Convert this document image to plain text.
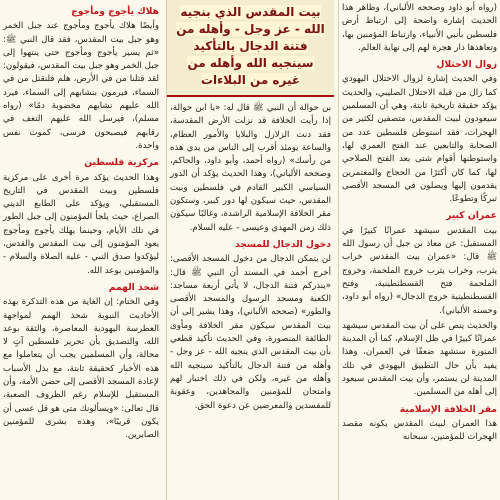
(رواه أبو داود وصححه الألباني)، وظاهر هذا الحديث إشارة واضحة إلى ارتباط أرض فلسطين بأنبي الأنبياء، وارتباط المؤمنين بها، وتعاهدها دار هجرة لهم إلى نهاية العالم.

زوال الاحتلال

وفي الحديث إشارة لزوال الاحتلال اليهودي كما زال من قبله الاحتلال الصليبي، والحديث يؤكد حقيقة تاريخية ثابتة، وهي أن المسلمين سيعودون لبيت المقدس، متصفين لكثير من الهجرات، فقد استوطن فلسطين عدد من الصحابة والتابعين عند الفتح العمري لها، واستوطنها أقوام شتى بعد الفتح الصلاحي لها، كما كان أكثرًا من الحجاج والمعتمرين يقدمون إليها ويصلون في المسجد الأقصى تبركًا وتطوعًا.

عمران كبير

بيت المقدس سيشهد عمرانًا كبيرًا في المستقبل: عن معاذ بن جبل أن رسول الله ﷺ قال: «عمران بيت المقدس خراب يثرب، وخراب يثرب خروج الملحمة، وخروج الملحمة فتح القسطنطينية، وفتح القسطنطينية خروج الدجال» (رواه أبو داود، وحسنه الألباني).

والحديث ينص على أن بيت المقدس سيشهد عمرانًا كبيرًا في ظل الإسلام، كما أن المدينة المنورة ستشهد ضعفًا في العمران، وهذا يفيد بأن حال التطبيق اليهودي في تلك المدينة لن يستمر، وأن بيت المقدس سيعود إلى أهله من المسلمين.

مقر الخلافة الإسلامية

هذا العمران لبيت المقدس يكونه مقصد الهجرات للمؤمنين، سبحانه

بيت المقدس الذي بنجيه الله - عز وجل - وأهله من فتنة الدجال بالتأكيد سينجيه الله وأهله من غيره من البلاءات

بن حوالة أن النبي ﷺ قال له: «يا ابن حوالة، إذا رأيت الخلافة قد نزلت الأرض المقدسة، فقد دنت الزلازل والبلايا والأمور العظام، والساعة يومئذ أقرب إلى الناس من يدي هذه من رأسك» (رواه أحمد، وأبو داود، والحاكم، وصححه الألباني)، وهذا الحديث يؤكد أن الدور السياسي الكبير القادم في فلسطين وبيت المقدس، حيث سيكون لها دور كبير، وستكون مقر الخلافة الإسلامية الراشدة، وغالبًا سيكون ذلك زمن المهدي وعيسى - عليه السلام.

دخول الدجال للمسجد

لن يتمكن الدجال من دخول المسجد الأقصى: أخرج أحمد في المسند أن النبي ﷺ قال: «ينذركم فتنة الدجال، لا يأتي أربعة مساجد: الكعبة ومسجد الرسول والمسجد الأقصى والطور» (صححه الألباني)، وهذا يشير إلى أن بيت المقدس سيكون مقر الخلافة ومأوى الطائفة المنصورة، وفي الحديث تأكيد قطعي بأن بيت المقدس الذي ينجيه الله - عز وجل - وأهله من فتنة الدجال بالتأكيد سينجيه الله وأهله من غيره، ولكن في ذلك اختبار لهم وامتحان للمؤمنين والمجاهدين، وعقوبة للمفسدين والمعرضين عن دعوة الحق.

هلاك يأجوج ومأجوج

وأيضًا هلاك يأجوج ومأجوج عند جبل الخمر وهو جبل بيت المقدس، فقد قال النبي ﷺ: «ثم يسير يأجوج ومأجوج حتى ينتهوا إلى جبل الخمر وهو جبل بيت المقدس، فيقولون: لقد قتلنا من في الأرض، هلم فلنقتل من في السماء، فيرمون بنشابهم إلى السماء، فيرد الله عليهم نشابهم مخضوبة دمًا» (رواه مسلم)، فيرسل الله عليهم النغف في رقابهم فيصبحون فرسى، كموت نفس واحدة.

مركزية فلسطين

وهذا الحديث يؤكد مرة أخرى على مركزية فلسطين وبيت المقدس في التاريخ المستقبلي، ويؤكد على الطابع الديني الصراع، حيث يلجأ المؤمنون إلى جبل الطور في تلك الأيام، وحينما يهلك يأجوج ومأجوج يعود المؤمنون إلى بيت المقدس والقدس، ليؤكدوا صدق النبي - عليه الصلاة والسلام - والمؤمنين بوعد الله.

شحذ الهمم

وفي الختام: إن الغاية من هذه التذكرة بهذه الأحاديث النبوية شحذ الهمم لمواجهة الغطرسة اليهودية المعاصرة، والثقة بوعد الله، والتصديق بأن تحرير فلسطين آتٍ لا محالة، وأن المسلمين يجب أن يتعاملوا مع هذه الأخبار كحقيقة ثابتة، مع بذل الأسباب لإعادة المسجد الأقصى إلى حضن الأمة، وأن المستقبل للإسلام رغم الظروف الصعبة، قال تعالى: «ويسألونك متى هو قل عسى أن يكون قريبًا»، وهذه بشرى للمؤمنين الصابرين.
